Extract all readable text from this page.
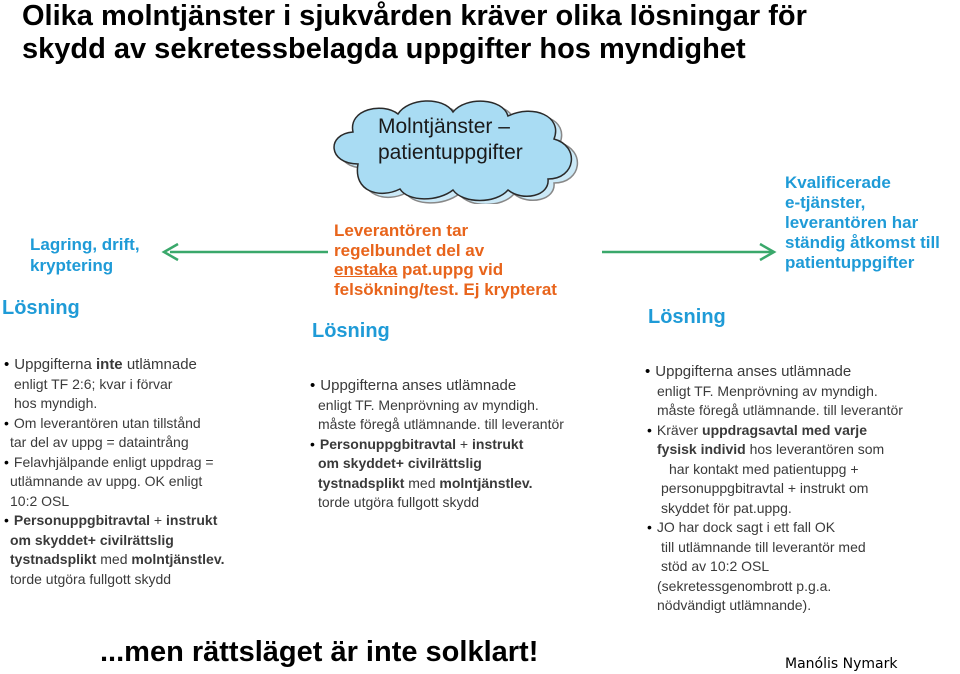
Olika molntjänster i sjukvården kräver olika lösningar för
skydd av sekretessbelagda uppgifter hos myndighet
Molntjänster –
patientuppgifter
Lagring, drift,
kryptering
Leverantören tar
regelbundet del av
enstaka pat.uppg vid
felsökning/test. Ej krypterat
Kvalificerade
e-tjänster,
leverantören har
ständig åtkomst till
patientuppgifter
Lösning
Lösning
Lösning

• Uppgifterna inte utlämnade

enligt TF 2:6; kvar i förvar

hos myndigh.

• Om leverantören utan tillstånd

tar del av uppg = dataintrång

• Felavhjälpande enligt uppdrag =

utlämnande av uppg. OK enligt

10:2 OSL

• Personuppgbitravtal + instrukt

om skyddet+ civilrättslig

tystnadsplikt med molntjänstlev.

torde utgöra fullgott skydd

• Uppgifterna anses utlämnade

enligt TF. Menprövning av myndigh.

måste föregå utlämnande. till leverantör

• Personuppgbitravtal + instrukt

om skyddet+ civilrättslig

tystnadsplikt med molntjänstlev.

torde utgöra fullgott skydd

• Uppgifterna anses utlämnade

enligt TF. Menprövning av myndigh.

måste föregå utlämnande. till leverantör

• Kräver uppdragsavtal med varje

fysisk individ hos leverantören som

har kontakt med patientuppg +

personuppgbitravtal + instrukt om

skyddet för pat.uppg.

• JO har dock sagt i ett fall OK

till utlämnande till leverantör med

stöd av 10:2 OSL

(sekretessgenombrott p.g.a.

nödvändigt utlämnande).

...men rättsläget är inte solklart!	Manólis Nymark
